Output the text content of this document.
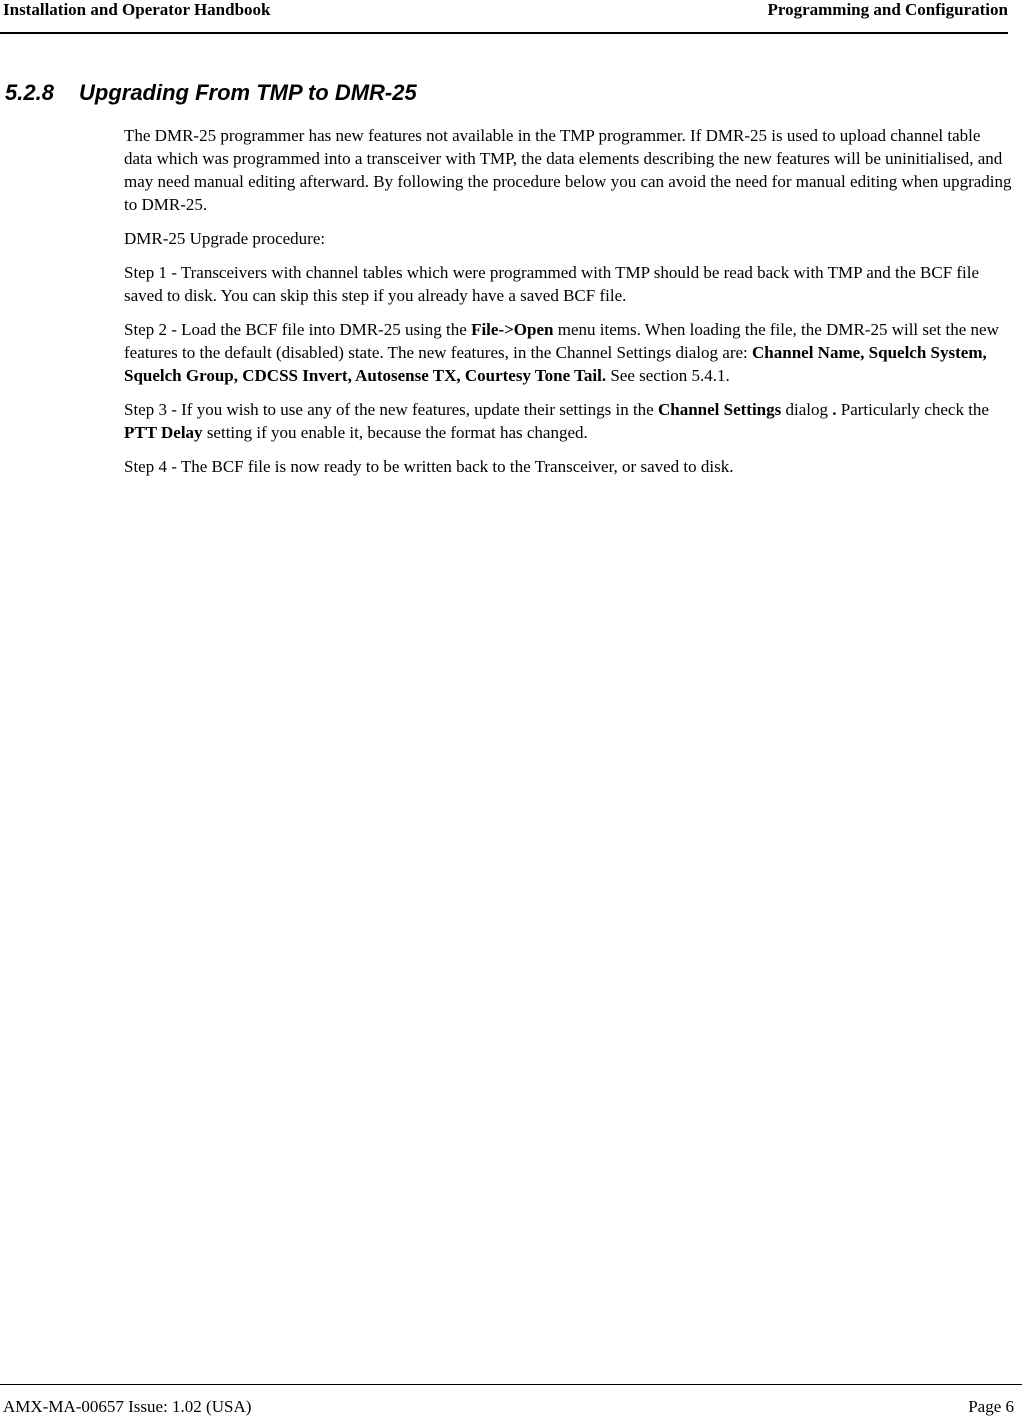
Installation and Operator Handbook	Programming and Configuration
5.2.8 Upgrading From TMP to DMR-25

The DMR-25 programmer has new features not available in the TMP programmer. If DMR-25 is used to upload channel table data which was programmed into a transceiver with TMP, the data elements describing the new features will be uninitialised, and may need manual editing afterward. By following the procedure below you can avoid the need for manual editing when upgrading to DMR-25.

DMR-25 Upgrade procedure:

Step 1 - Transceivers with channel tables which were programmed with TMP should be read back with TMP and the BCF file saved to disk. You can skip this step if you already have a saved BCF file.

Step 2 - Load the BCF file into DMR-25 using the File->Open menu items. When loading the file, the DMR-25 will set the new features to the default (disabled) state. The new features, in the Channel Settings dialog are: Channel Name, Squelch System, Squelch Group, CDCSS Invert, Autosense TX, Courtesy Tone Tail. See section 5.4.1.

Step 3 - If you wish to use any of the new features, update their settings in the Channel Settings dialog . Particularly check the PTT Delay setting if you enable it, because the format has changed.

Step 4 - The BCF file is now ready to be written back to the Transceiver, or saved to disk.

AMX-MA-00657 Issue: 1.02 (USA)	Page 6
